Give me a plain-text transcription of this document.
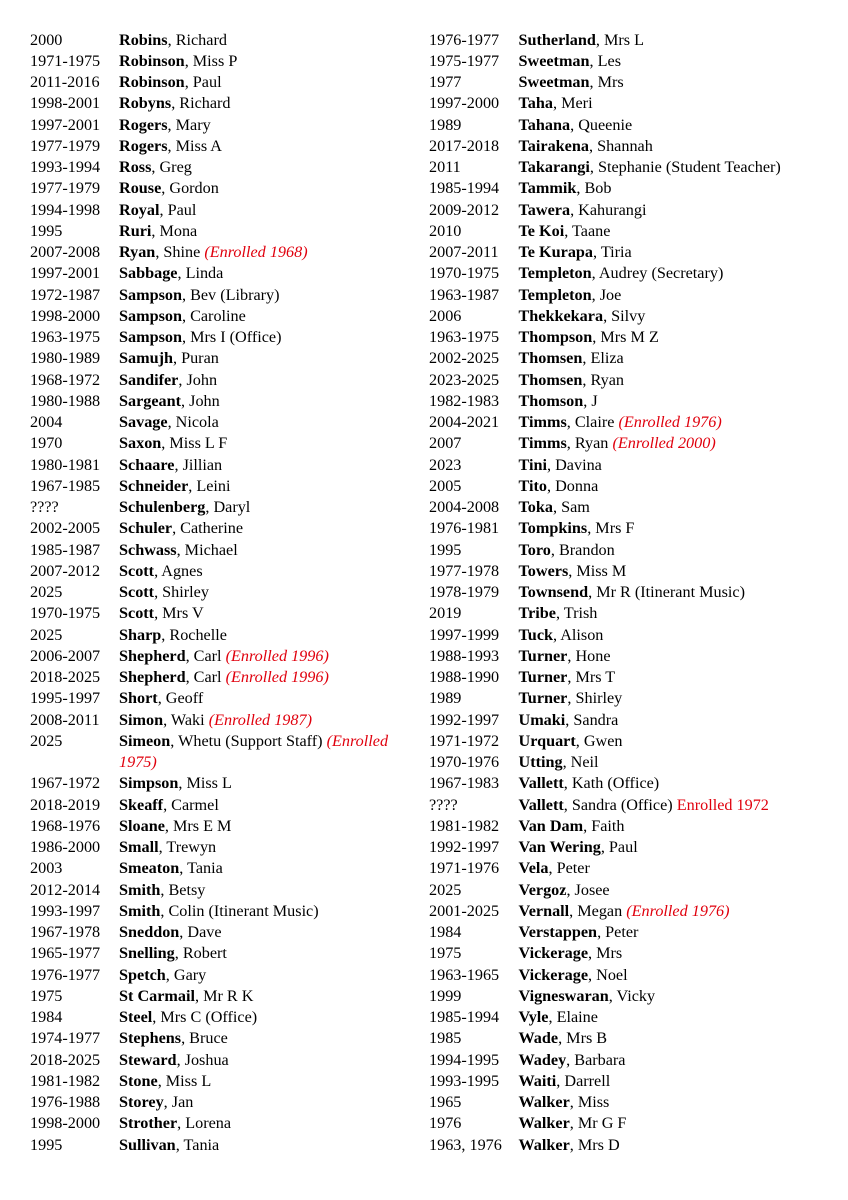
2000	Robins, Richard
1971-1975 Robinson, Miss P
2011-2016 Robinson, Paul
1998-2001 Robyns, Richard
1997-2001 Rogers, Mary
1977-1979 Rogers, Miss A
1993-1994 Ross, Greg
1977-1979 Rouse, Gordon
1994-1998 Royal, Paul
1995	Ruri, Mona
2007-2008 Ryan, Shine (Enrolled 1968)
1997-2001 Sabbage, Linda
1972-1987 Sampson, Bev (Library)
1998-2000 Sampson, Caroline
1963-1975 Sampson, Mrs I (Office)
1980-1989 Samujh, Puran
1968-1972 Sandifer, John
1980-1988 Sargeant, John
2004	Savage, Nicola
1970	Saxon, Miss L F
1980-1981 Schaare, Jillian
1967-1985 Schneider, Leini
????	Schulenberg, Daryl
2002-2005 Schuler, Catherine
1985-1987 Schwass, Michael
2007-2012 Scott, Agnes
2025	Scott, Shirley
1970-1975 Scott, Mrs V
2025	Sharp, Rochelle
2006-2007 Shepherd, Carl (Enrolled 1996)
2018-2025 Shepherd, Carl (Enrolled 1996)
1995-1997 Short, Geoff
2008-2011 Simon, Waki (Enrolled 1987)
2025	Simeon, Whetu (Support Staff) (Enrolled 1975)
1967-1972 Simpson, Miss L
2018-2019 Skeaff, Carmel
1968-1976 Sloane, Mrs E M
1986-2000 Small, Trewyn
2003	Smeaton, Tania
2012-2014 Smith, Betsy
1993-1997 Smith, Colin (Itinerant Music)
1967-1978 Sneddon, Dave
1965-1977 Snelling, Robert
1976-1977 Spetch, Gary
1975	St Carmail, Mr R K
1984	Steel, Mrs C (Office)
1974-1977 Stephens, Bruce
2018-2025 Steward, Joshua
1981-1982 Stone, Miss L
1976-1988 Storey, Jan
1998-2000 Strother, Lorena
1995	Sullivan, Tania
1976-1977 Sutherland, Mrs L
1975-1977 Sweetman, Les
1977	Sweetman, Mrs
1997-2000 Taha, Meri
1989	Tahana, Queenie
2017-2018 Tairakena, Shannah
2011	Takarangi, Stephanie (Student Teacher)
1985-1994 Tammik, Bob
2009-2012 Tawera, Kahurangi
2010	Te Koi, Taane
2007-2011 Te Kurapa, Tiria
1970-1975 Templeton, Audrey (Secretary)
1963-1987 Templeton, Joe
2006	Thekkekara, Silvy
1963-1975 Thompson, Mrs M Z
2002-2025 Thomsen, Eliza
2023-2025 Thomsen, Ryan
1982-1983 Thomson, J
2004-2021 Timms, Claire (Enrolled 1976)
2007	Timms, Ryan (Enrolled 2000)
2023	Tini, Davina
2005	Tito, Donna
2004-2008 Toka, Sam
1976-1981 Tompkins, Mrs F
1995	Toro, Brandon
1977-1978 Towers, Miss M
1978-1979 Townsend, Mr R (Itinerant Music)
2019	Tribe, Trish
1997-1999 Tuck, Alison
1988-1993 Turner, Hone
1988-1990 Turner, Mrs T
1989	Turner, Shirley
1992-1997 Umaki, Sandra
1971-1972 Urquart, Gwen
1970-1976 Utting, Neil
1967-1983 Vallett, Kath (Office)
????	Vallett, Sandra (Office) Enrolled 1972
1981-1982 Van Dam, Faith
1992-1997 Van Wering, Paul
1971-1976 Vela, Peter
2025	Vergoz, Josee
2001-2025 Vernall, Megan (Enrolled 1976)
1984	Verstappen, Peter
1975	Vickerage, Mrs
1963-1965 Vickerage, Noel
1999	Vigneswaran, Vicky
1985-1994 Vyle, Elaine
1985	Wade, Mrs B
1994-1995 Wadey, Barbara
1993-1995 Waiti, Darrell
1965	Walker, Miss
1976	Walker, Mr G F
1963, 1976 Walker, Mrs D
